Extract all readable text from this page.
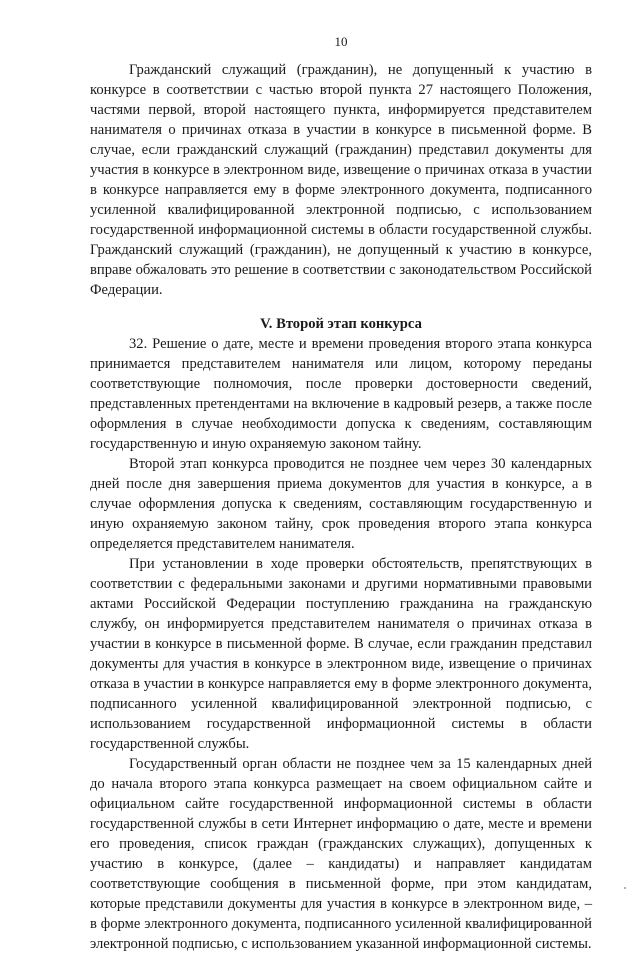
10

Гражданский служащий (гражданин), не допущенный к участию в конкурсе в соответствии с частью второй пункта 27 настоящего Положения, частями первой, второй настоящего пункта, информируется представителем нанимателя о причинах отказа в участии в конкурсе в письменной форме. В случае, если гражданский служащий (гражданин) представил документы для участия в конкурсе в электронном виде, извещение о причинах отказа в участии в конкурсе направляется ему в форме электронного документа, подписанного усиленной квалифицированной электронной подписью, с использованием государственной информационной системы в области государственной службы. Гражданский служащий (гражданин), не допущенный к участию в конкурсе, вправе обжаловать это решение в соответствии с законодательством Российской Федерации.

V. Второй этап конкурса

32. Решение о дате, месте и времени проведения второго этапа конкурса принимается представителем нанимателя или лицом, которому переданы соответствующие полномочия, после проверки достоверности сведений, представленных претендентами на включение в кадровый резерв, а также после оформления в случае необходимости допуска к сведениям, составляющим государственную и иную охраняемую законом тайну.

Второй этап конкурса проводится не позднее чем через 30 календарных дней после дня завершения приема документов для участия в конкурсе, а в случае оформления допуска к сведениям, составляющим государственную и иную охраняемую законом тайну, срок проведения второго этапа конкурса определяется представителем нанимателя.

При установлении в ходе проверки обстоятельств, препятствующих в соответствии с федеральными законами и другими нормативными правовыми актами Российской Федерации поступлению гражданина на гражданскую службу, он информируется представителем нанимателя о причинах отказа в участии в конкурсе в письменной форме. В случае, если гражданин представил документы для участия в конкурсе в электронном виде, извещение о причинах отказа в участии в конкурсе направляется ему в форме электронного документа, подписанного усиленной квалифицированной электронной подписью, с использованием государственной информационной системы в области государственной службы.

Государственный орган области не позднее чем за 15 календарных дней до начала второго этапа конкурса размещает на своем официальном сайте и официальном сайте государственной информационной системы в области государственной службы в сети Интернет информацию о дате, месте и времени его проведения, список граждан (гражданских служащих), допущенных к участию в конкурсе, (далее – кандидаты) и направляет кандидатам соответствующие сообщения в письменной форме, при этом кандидатам, которые представили документы для участия в конкурсе в электронном виде, – в форме электронного документа, подписанного усиленной квалифицированной электронной подписью, с использованием указанной информационной системы.
